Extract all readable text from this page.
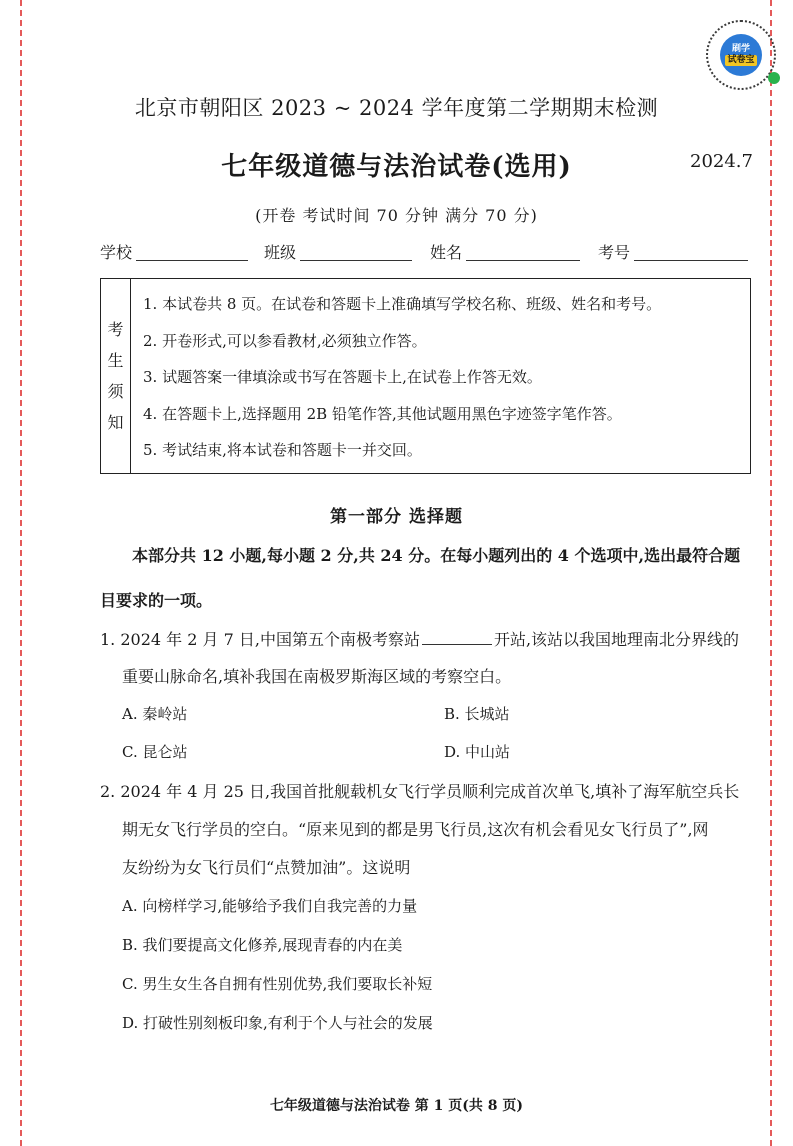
刷学
试卷宝
北京市朝阳区 2023 ~ 2024 学年度第二学期期末检测
七年级道德与法治试卷(选用)	2024.7
(开卷 考试时间 70 分钟 满分 70 分)
学校	班级	姓名	考号
考
生
须
知
1. 本试卷共 8 页。在试卷和答题卡上准确填写学校名称、班级、姓名和考号。
2. 开卷形式,可以参看教材,必须独立作答。
3. 试题答案一律填涂或书写在答题卡上,在试卷上作答无效。
4. 在答题卡上,选择题用 2B 铅笔作答,其他试题用黑色字迹签字笔作答。
5. 考试结束,将本试卷和答题卡一并交回。
第一部分 选择题
本部分共 12 小题,每小题 2 分,共 24 分。在每小题列出的 4 个选项中,选出最符合题
目要求的一项。
1. 2024 年 2 月 7 日,中国第五个南极考察站	开站,该站以我国地理南北分界线的
重要山脉命名,填补我国在南极罗斯海区域的考察空白。
A. 秦岭站	B. 长城站
C. 昆仑站	D. 中山站
2. 2024 年 4 月 25 日,我国首批舰载机女飞行学员顺利完成首次单飞,填补了海军航空兵长
期无女飞行学员的空白。“原来见到的都是男飞行员,这次有机会看见女飞行员了”,网
友纷纷为女飞行员们“点赞加油”。这说明
A. 向榜样学习,能够给予我们自我完善的力量
B. 我们要提高文化修养,展现青春的内在美
C. 男生女生各自拥有性别优势,我们要取长补短
D. 打破性别刻板印象,有利于个人与社会的发展
七年级道德与法治试卷 第 1 页(共 8 页)
